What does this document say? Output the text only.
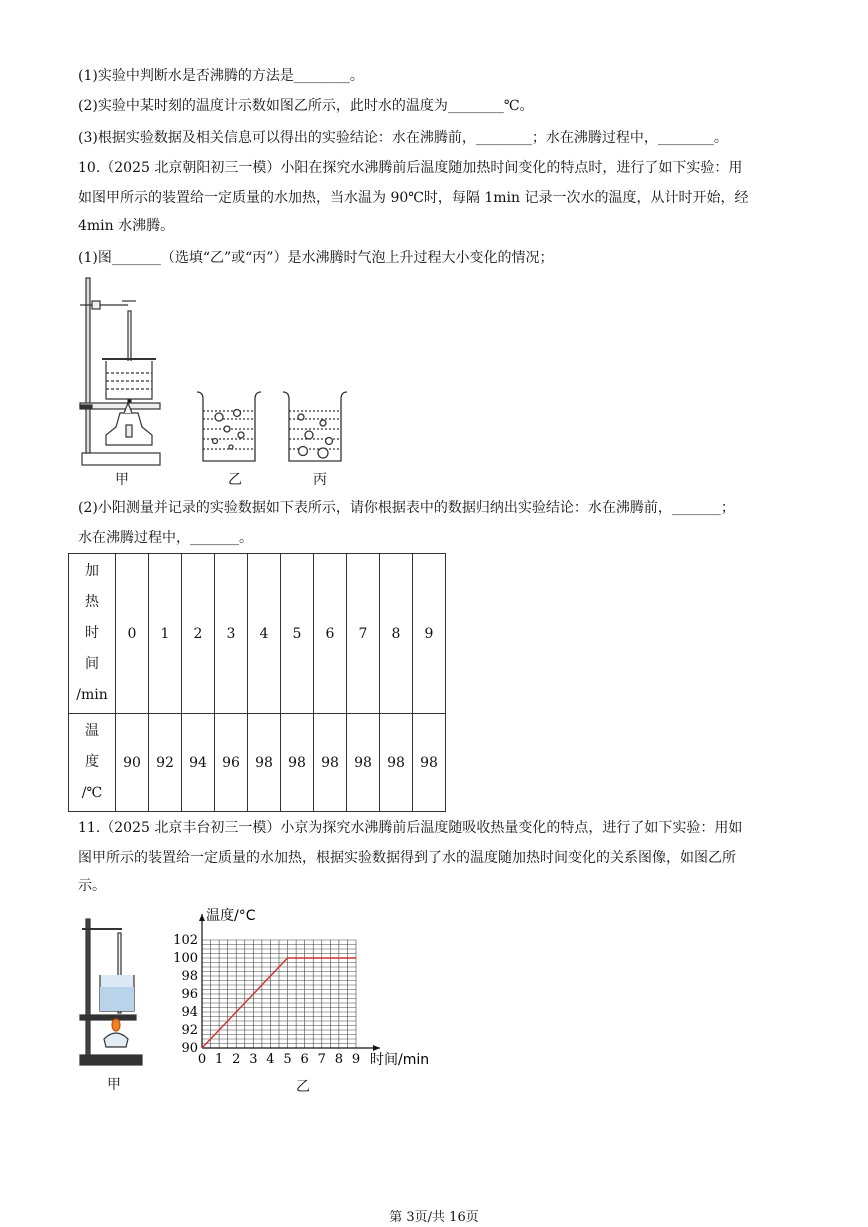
(1)实验中判断水是否沸腾的方法是________。
(2)实验中某时刻的温度计示数如图乙所示，此时水的温度为________℃。
(3)根据实验数据及相关信息可以得出的实验结论：水在沸腾前，________；水在沸腾过程中，________。
10.（2025 北京朝阳初三一模）小阳在探究水沸腾前后温度随加热时间变化的特点时，进行了如下实验：用
如图甲所示的装置给一定质量的水加热，当水温为 90℃时，每隔 1min 记录一次水的温度，从计时开始，经
4min 水沸腾。
(1)图_______（选填“乙”或“丙”）是水沸腾时气泡上升过程大小变化的情况；
甲	乙	丙
(2)小阳测量并记录的实验数据如下表所示，请你根据表中的数据归纳出实验结论：水在沸腾前，_______；
水在沸腾过程中，_______。
加
热
时
间
/min	0	1	2	3	4	5	6	7	8	9

温
度
/℃	90	92	94	96	98	98	98	98	98	98
11.（2025 北京丰台初三一模）小京为探究水沸腾前后温度随吸收热量变化的特点，进行了如下实验：用如
图甲所示的装置给一定质量的水加热，根据实验数据得到了水的温度随加热时间变化的关系图像，如图乙所
示。
甲
0 1 2 3 4 5 6 7 8 9
90
92
94
96
98
100
102
温度/°C
时间/min
乙
第 3页/共 16页
